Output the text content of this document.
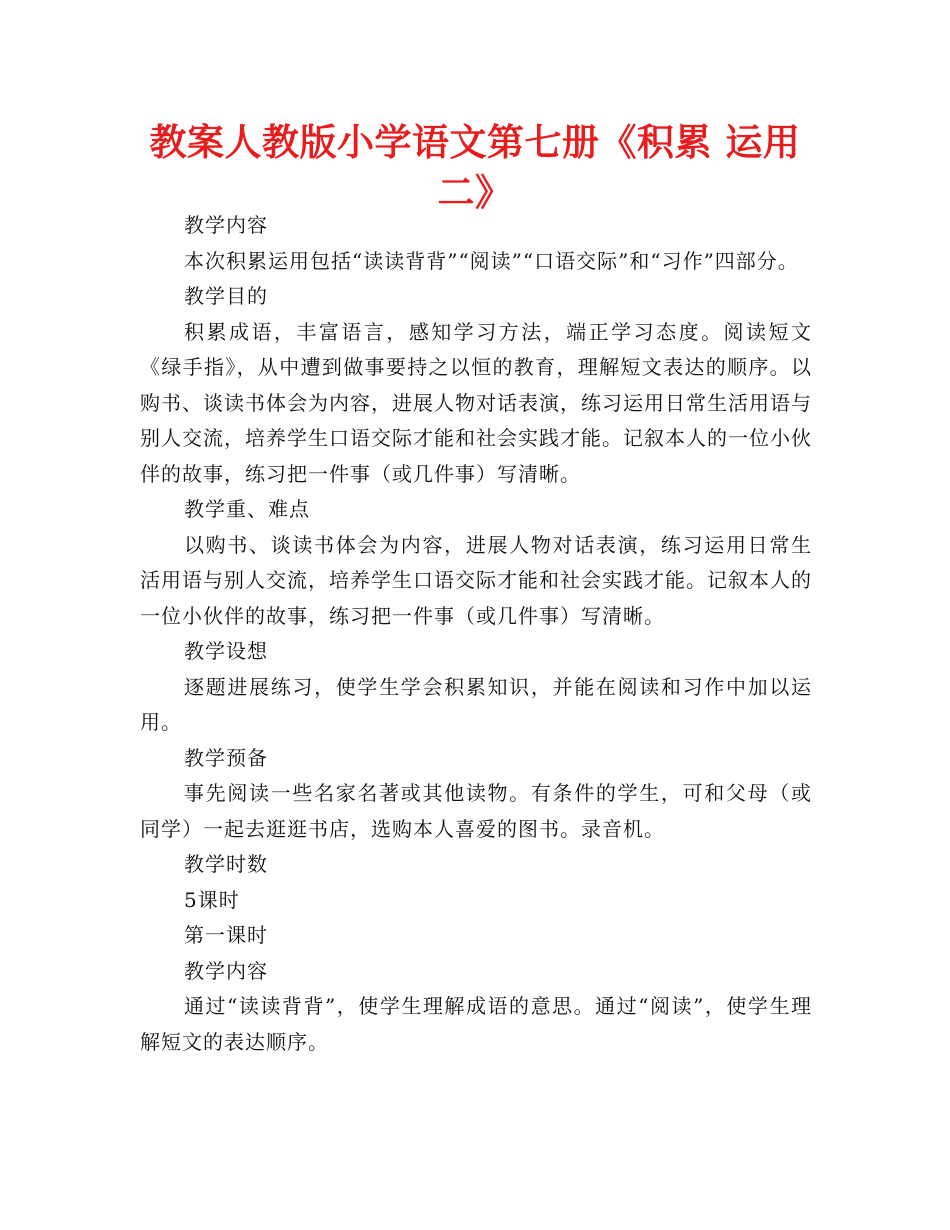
教案人教版小学语文第七册《积累 运用二》

教学内容

本次积累运用包括“读读背背”“阅读”“口语交际”和“习作”四部分。

教学目的

积累成语，丰富语言，感知学习方法，端正学习态度。阅读短文《绿手指》，从中遭到做事要持之以恒的教育，理解短文表达的顺序。以购书、谈读书体会为内容，进展人物对话表演，练习运用日常生活用语与别人交流，培养学生口语交际才能和社会实践才能。记叙本人的一位小伙伴的故事，练习把一件事（或几件事）写清晰。

教学重、难点

以购书、谈读书体会为内容，进展人物对话表演，练习运用日常生活用语与别人交流，培养学生口语交际才能和社会实践才能。记叙本人的一位小伙伴的故事，练习把一件事（或几件事）写清晰。

教学设想

逐题进展练习，使学生学会积累知识，并能在阅读和习作中加以运用。

教学预备

事先阅读一些名家名著或其他读物。有条件的学生，可和父母（或同学）一起去逛逛书店，选购本人喜爱的图书。录音机。

教学时数

5课时

第一课时

教学内容

通过“读读背背”，使学生理解成语的意思。通过“阅读”，使学生理解短文的表达顺序。
